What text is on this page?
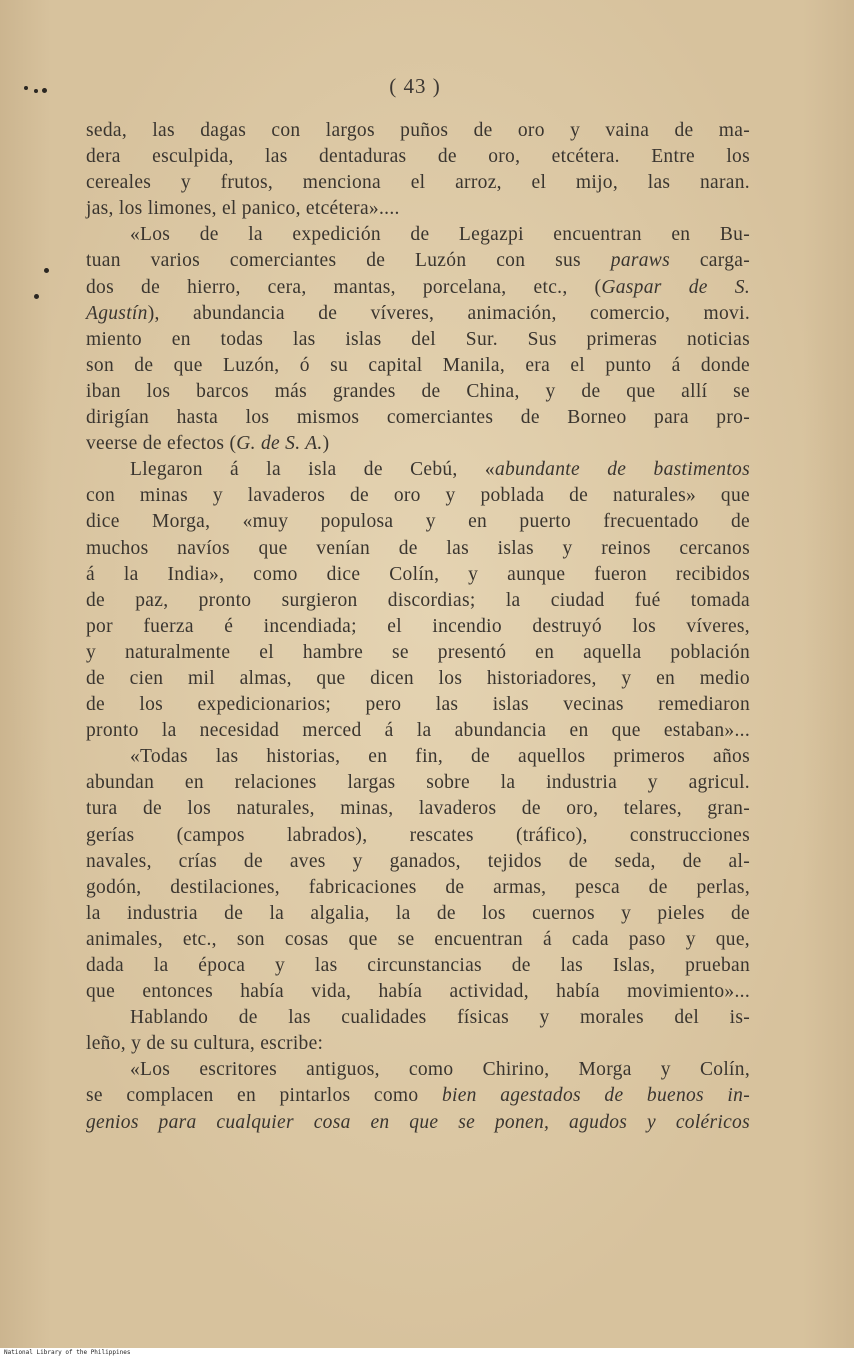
( 43 )
seda, las dagas con largos puños de oro y vaina de ma-
dera esculpida, las dentaduras de oro, etcétera. Entre los
cereales y frutos, menciona el arroz, el mijo, las naran.
jas, los limones, el panico, etcétera»....
«Los de la expedición de Legazpi encuentran en Bu-
tuan varios comerciantes de Luzón con sus paraws carga-
dos de hierro, cera, mantas, porcelana, etc., (Gaspar de S.
Agustín), abundancia de víveres, animación, comercio, movi.
miento en todas las islas del Sur. Sus primeras noticias
son de que Luzón, ó su capital Manila, era el punto á donde
iban los barcos más grandes de China, y de que allí se
dirigían hasta los mismos comerciantes de Borneo para pro-
veerse de efectos (G. de S. A.)
Llegaron á la isla de Cebú, «abundante de bastimentos
con minas y lavaderos de oro y poblada de naturales» que
dice Morga, «muy populosa y en puerto frecuentado de
muchos navíos que venían de las islas y reinos cercanos
á la India», como dice Colín, y aunque fueron recibidos
de paz, pronto surgieron discordias; la ciudad fué tomada
por fuerza é incendiada; el incendio destruyó los víveres,
y naturalmente el hambre se presentó en aquella población
de cien mil almas, que dicen los historiadores, y en medio
de los expedicionarios; pero las islas vecinas remediaron
pronto la necesidad merced á la abundancia en que estaban»...
«Todas las historias, en fin, de aquellos primeros años
abundan en relaciones largas sobre la industria y agricul.
tura de los naturales, minas, lavaderos de oro, telares, gran-
gerías (campos labrados), rescates (tráfico), construcciones
navales, crías de aves y ganados, tejidos de seda, de al-
godón, destilaciones, fabricaciones de armas, pesca de perlas,
la industria de la algalia, la de los cuernos y pieles de
animales, etc., son cosas que se encuentran á cada paso y que,
dada la época y las circunstancias de las Islas, prueban
que entonces había vida, había actividad, había movimiento»...
Hablando de las cualidades físicas y morales del is-
leño, y de su cultura, escribe:
«Los escritores antiguos, como Chirino, Morga y Colín,
se complacen en pintarlos como bien agestados de buenos in-
genios para cualquier cosa en que se ponen, agudos y coléricos
National Library of the Philippines
